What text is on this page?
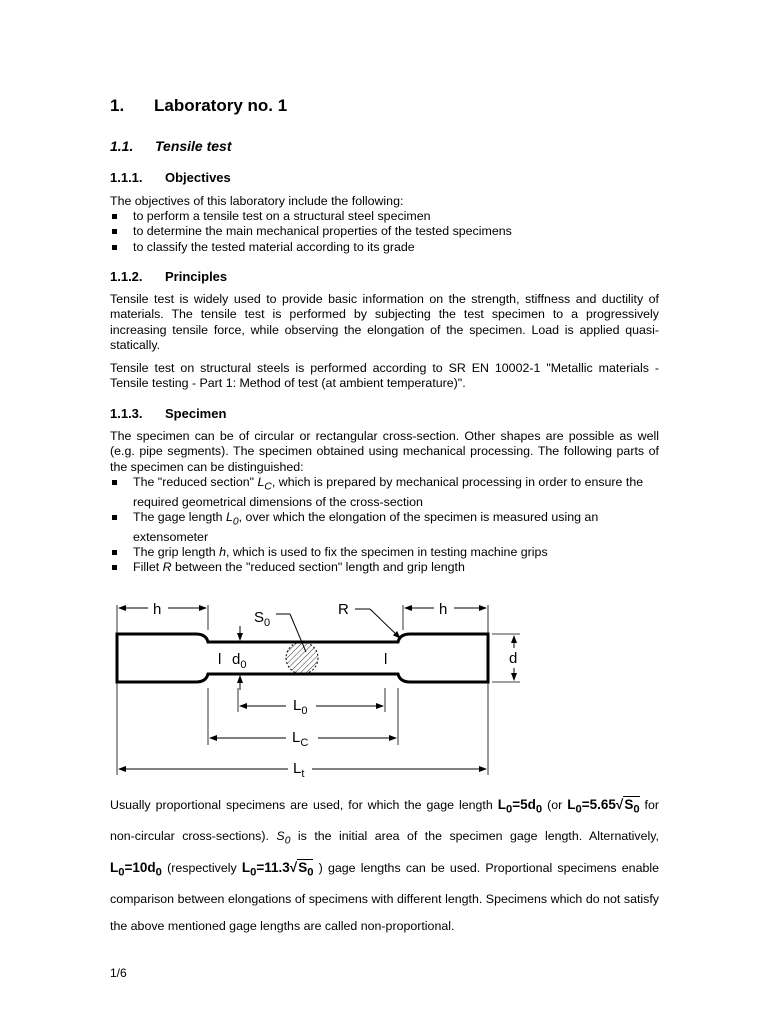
1. Laboratory no. 1
1.1. Tensile test
1.1.1. Objectives
The objectives of this laboratory include the following:
to perform a tensile test on a structural steel specimen
to determine the main mechanical properties of the tested specimens
to classify the tested material according to its grade
1.1.2. Principles
Tensile test is widely used to provide basic information on the strength, stiffness and ductility of materials. The tensile test is performed by subjecting the test specimen to a progressively increasing tensile force, while observing the elongation of the specimen. Load is applied quasi-statically.
Tensile test on structural steels is performed according to SR EN 10002-1 "Metallic materials - Tensile testing - Part 1: Method of test (at ambient temperature)".
1.1.3. Specimen
The specimen can be of circular or rectangular cross-section. Other shapes are possible as well (e.g. pipe segments). The specimen obtained using mechanical processing. The following parts of the specimen can be distinguished:
The "reduced section" $L_C$, which is prepared by mechanical processing in order to ensure the required geometrical dimensions of the cross-section
The gage length $L_0$, over which the elongation of the specimen is measured using an extensometer
The grip length h, which is used to fix the specimen in testing machine grips
Fillet R between the "reduced section" length and grip length
Usually proportional specimens are used, for which the gage length $L_0=5d_0$ (or $L_0=5.65√S_0$ for non-circular cross-sections). $S_0$ is the initial area of the specimen gage length. Alternatively, $L_0=10d_0$ (respectively $L_0=11.3√S_0$ ) gage lengths can be used. Proportional specimens enable comparison between elongations of specimens with different length. Specimens which do not satisfy the above mentioned gage lengths are called non-proportional.
h	h
$S_0$
R
l $d_0$	l	d
$L_0$
$L_C$
$L_t$
1/6
